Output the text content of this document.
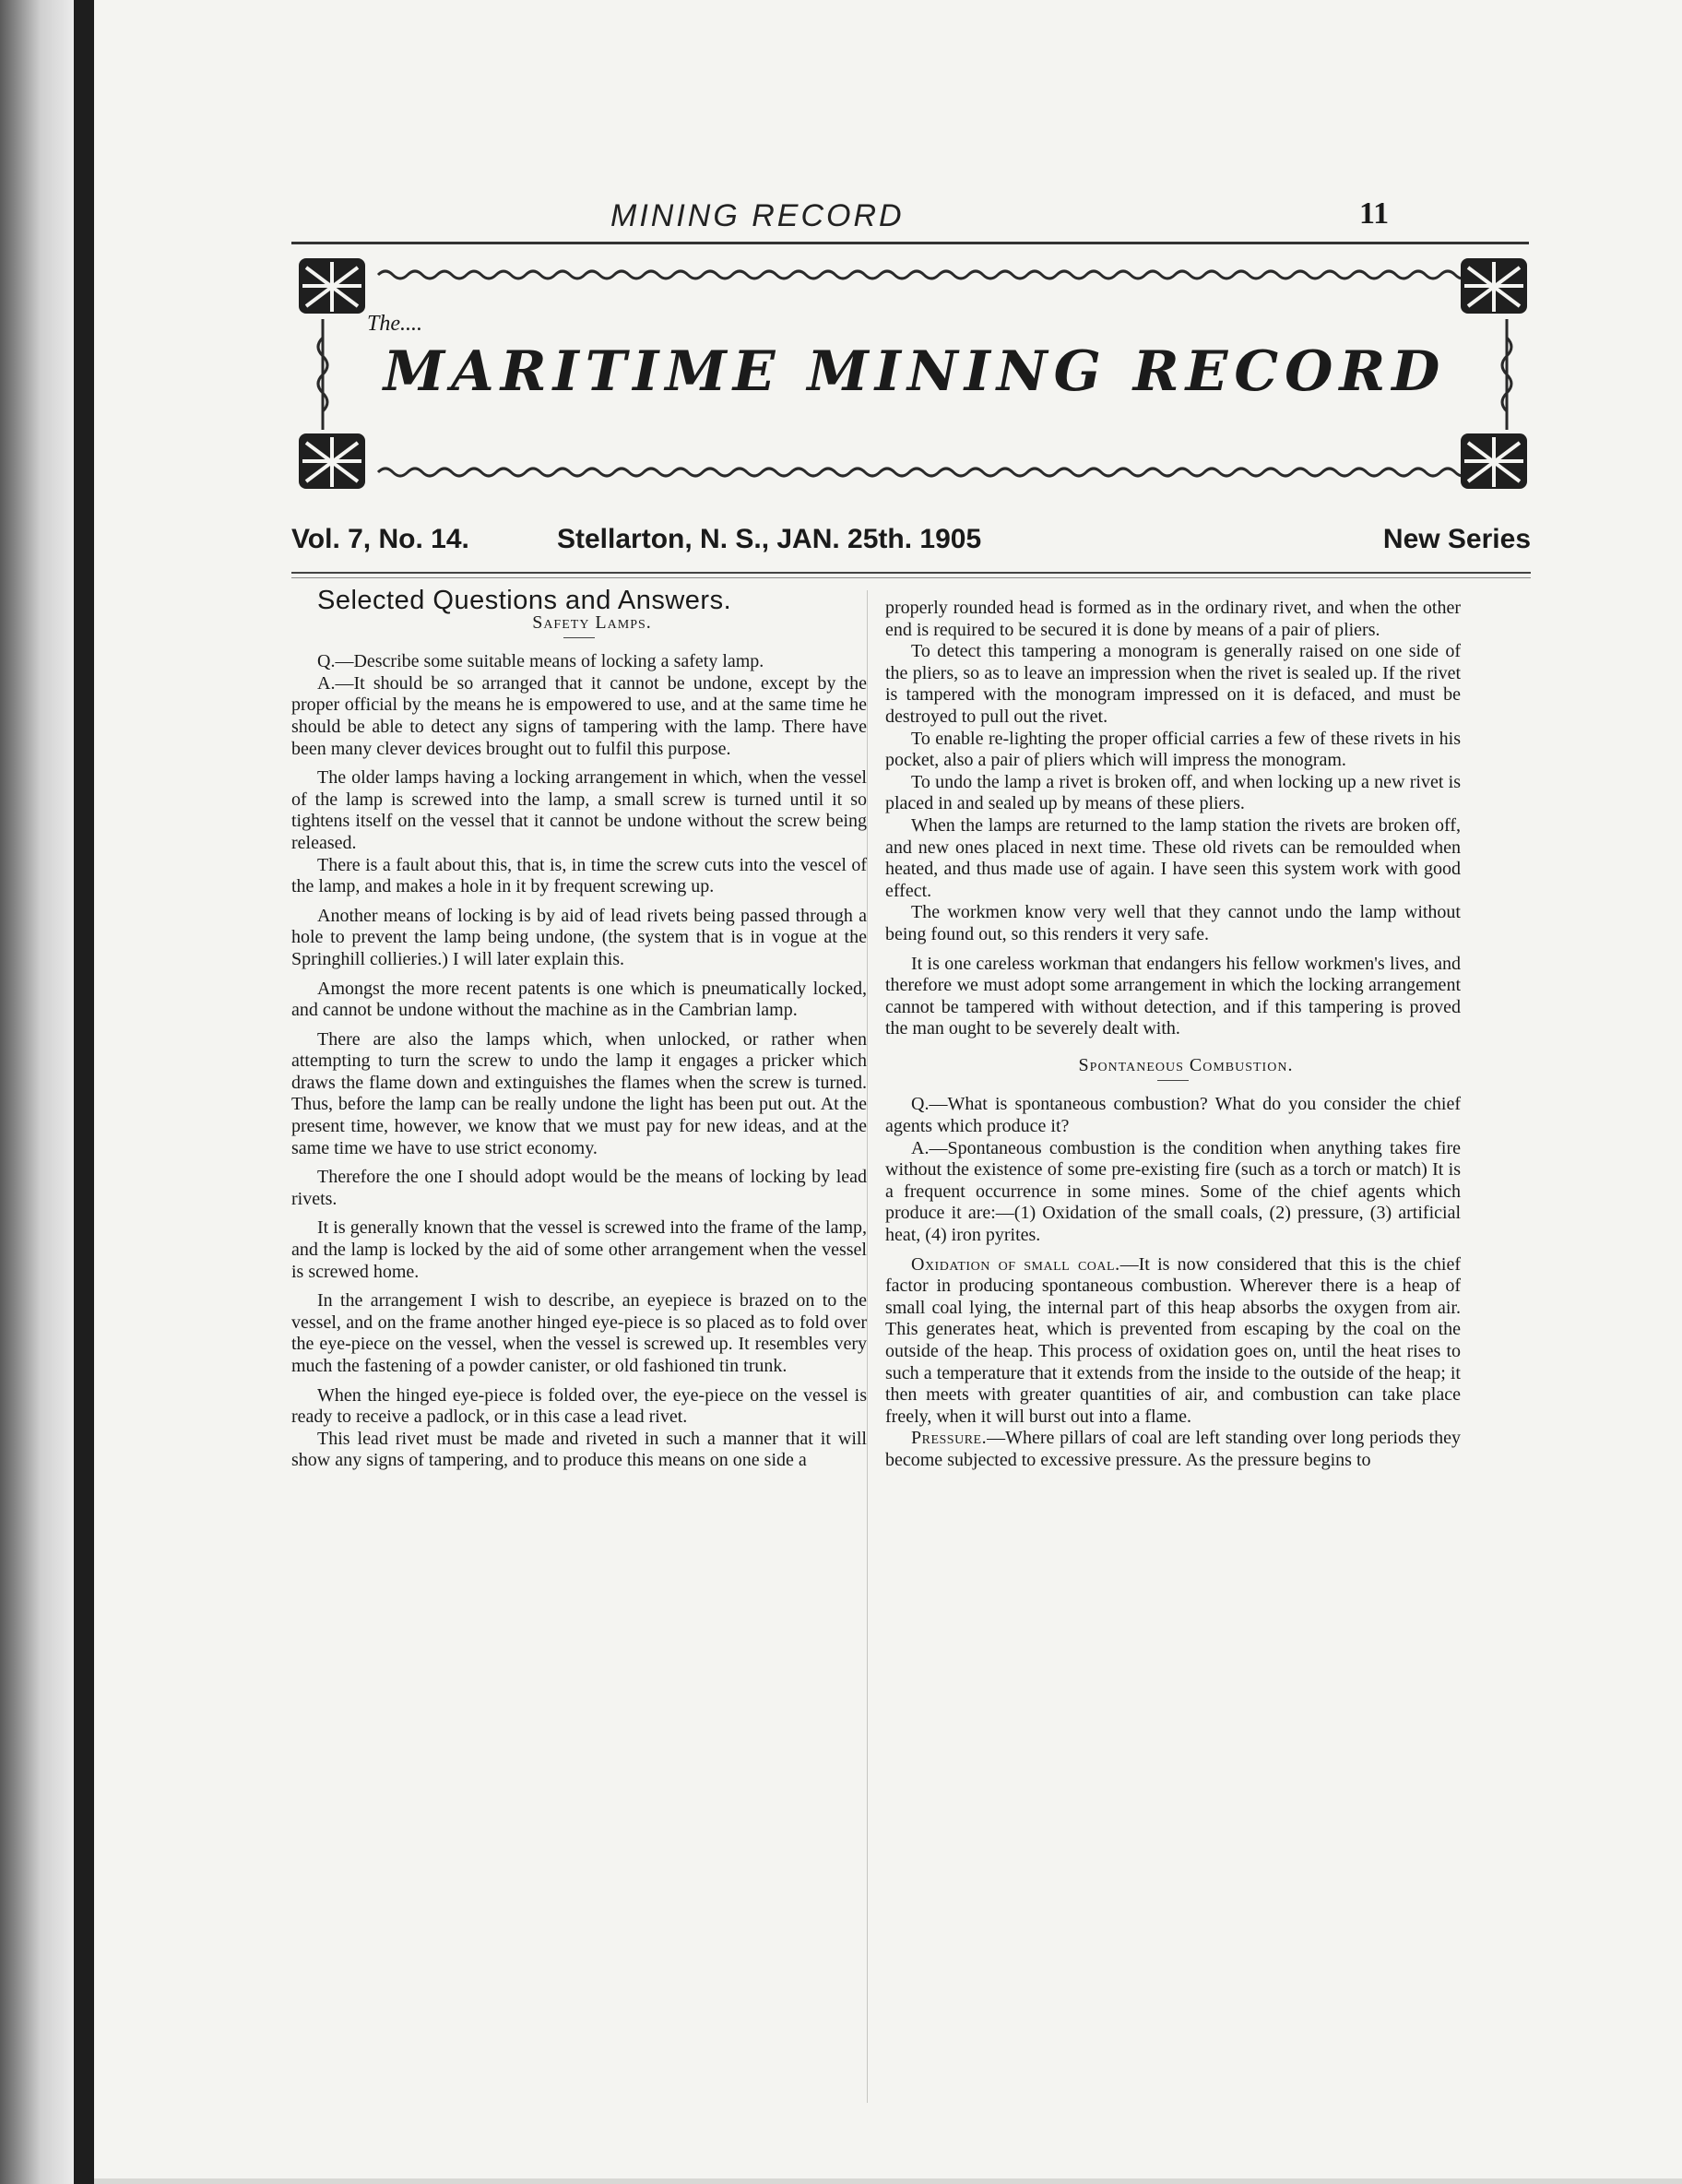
MINING RECORD	11
The....
MARITIME MINING RECORD
Vol. 7, No. 14.	Stellarton, N. S., JAN. 25th. 1905	New Series

Selected Questions and Answers.

Safety Lamps.

Q.—Describe some suitable means of locking a safety lamp.

A.—It should be so arranged that it cannot be undone, except by the proper official by the means he is empowered to use, and at the same time he should be able to detect any signs of tampering with the lamp. There have been many clever devices brought out to fulfil this purpose.

The older lamps having a locking arrangement in which, when the vessel of the lamp is screwed into the lamp, a small screw is turned until it so tightens itself on the vessel that it cannot be undone without the screw being released.

There is a fault about this, that is, in time the screw cuts into the vescel of the lamp, and makes a hole in it by frequent screwing up.

Another means of locking is by aid of lead rivets being passed through a hole to prevent the lamp being undone, (the system that is in vogue at the Springhill collieries.) I will later explain this.

Amongst the more recent patents is one which is pneumatically locked, and cannot be undone without the machine as in the Cambrian lamp.

There are also the lamps which, when unlocked, or rather when attempting to turn the screw to undo the lamp it engages a pricker which draws the flame down and extinguishes the flames when the screw is turned. Thus, before the lamp can be really undone the light has been put out. At the present time, however, we know that we must pay for new ideas, and at the same time we have to use strict economy.

Therefore the one I should adopt would be the means of locking by lead rivets.

It is generally known that the vessel is screwed into the frame of the lamp, and the lamp is locked by the aid of some other arrangement when the vessel is screwed home.

In the arrangement I wish to describe, an eyepiece is brazed on to the vessel, and on the frame another hinged eye-piece is so placed as to fold over the eye-piece on the vessel, when the vessel is screwed up. It resembles very much the fastening of a powder canister, or old fashioned tin trunk.

When the hinged eye-piece is folded over, the eye-piece on the vessel is ready to receive a padlock, or in this case a lead rivet.

This lead rivet must be made and riveted in such a manner that it will show any signs of tampering, and to produce this means on one side a

properly rounded head is formed as in the ordinary rivet, and when the other end is required to be secured it is done by means of a pair of pliers.

To detect this tampering a monogram is generally raised on one side of the pliers, so as to leave an impression when the rivet is sealed up. If the rivet is tampered with the monogram impressed on it is defaced, and must be destroyed to pull out the rivet.

To enable re-lighting the proper official carries a few of these rivets in his pocket, also a pair of pliers which will impress the monogram.

To undo the lamp a rivet is broken off, and when locking up a new rivet is placed in and sealed up by means of these pliers.

When the lamps are returned to the lamp station the rivets are broken off, and new ones placed in next time. These old rivets can be remoulded when heated, and thus made use of again. I have seen this system work with good effect.

The workmen know very well that they cannot undo the lamp without being found out, so this renders it very safe.

It is one careless workman that endangers his fellow workmen's lives, and therefore we must adopt some arrangement in which the locking arrangement cannot be tampered with without detection, and if this tampering is proved the man ought to be severely dealt with.

Spontaneous Combustion.

Q.—What is spontaneous combustion? What do you consider the chief agents which produce it?

A.—Spontaneous combustion is the condition when anything takes fire without the existence of some pre-existing fire (such as a torch or match) It is a frequent occurrence in some mines. Some of the chief agents which produce it are:—(1) Oxidation of the small coals, (2) pressure, (3) artificial heat, (4) iron pyrites.

Oxidation of small coal.—It is now considered that this is the chief factor in producing spontaneous combustion. Wherever there is a heap of small coal lying, the internal part of this heap absorbs the oxygen from air. This generates heat, which is prevented from escaping by the coal on the outside of the heap. This process of oxidation goes on, until the heat rises to such a temperature that it extends from the inside to the outside of the heap; it then meets with greater quantities of air, and combustion can take place freely, when it will burst out into a flame.

Pressure.—Where pillars of coal are left standing over long periods they become subjected to excessive pressure. As the pressure begins to
